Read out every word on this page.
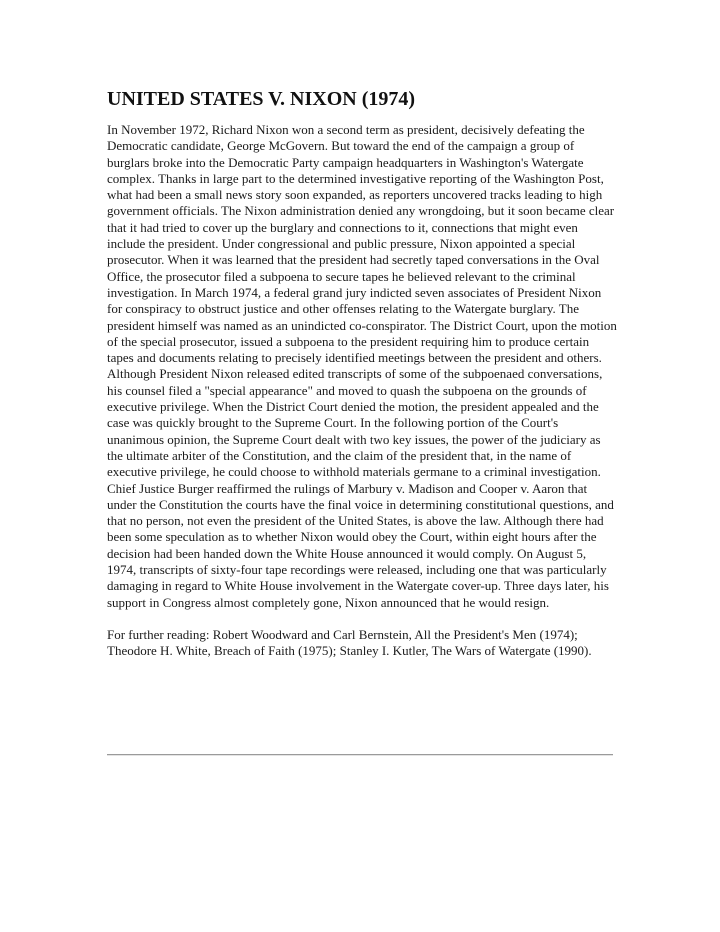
UNITED STATES V. NIXON (1974)

In November 1972, Richard Nixon won a second term as president, decisively defeating the Democratic candidate, George McGovern. But toward the end of the campaign a group of burglars broke into the Democratic Party campaign headquarters in Washington's Watergate complex. Thanks in large part to the determined investigative reporting of the Washington Post, what had been a small news story soon expanded, as reporters uncovered tracks leading to high government officials. The Nixon administration denied any wrongdoing, but it soon became clear that it had tried to cover up the burglary and connections to it, connections that might even include the president. Under congressional and public pressure, Nixon appointed a special prosecutor. When it was learned that the president had secretly taped conversations in the Oval Office, the prosecutor filed a subpoena to secure tapes he believed relevant to the criminal investigation. In March 1974, a federal grand jury indicted seven associates of President Nixon for conspiracy to obstruct justice and other offenses relating to the Watergate burglary. The president himself was named as an unindicted co-conspirator. The District Court, upon the motion of the special prosecutor, issued a subpoena to the president requiring him to produce certain tapes and documents relating to precisely identified meetings between the president and others. Although President Nixon released edited transcripts of some of the subpoenaed conversations, his counsel filed a "special appearance" and moved to quash the subpoena on the grounds of executive privilege. When the District Court denied the motion, the president appealed and the case was quickly brought to the Supreme Court. In the following portion of the Court's unanimous opinion, the Supreme Court dealt with two key issues, the power of the judiciary as the ultimate arbiter of the Constitution, and the claim of the president that, in the name of executive privilege, he could choose to withhold materials germane to a criminal investigation. Chief Justice Burger reaffirmed the rulings of Marbury v. Madison and Cooper v. Aaron that under the Constitution the courts have the final voice in determining constitutional questions, and that no person, not even the president of the United States, is above the law. Although there had been some speculation as to whether Nixon would obey the Court, within eight hours after the decision had been handed down the White House announced it would comply. On August 5, 1974, transcripts of sixty-four tape recordings were released, including one that was particularly damaging in regard to White House involvement in the Watergate cover-up. Three days later, his support in Congress almost completely gone, Nixon announced that he would resign.

For further reading: Robert Woodward and Carl Bernstein, All the President's Men (1974); Theodore H. White, Breach of Faith (1975); Stanley I. Kutler, The Wars of Watergate (1990).
